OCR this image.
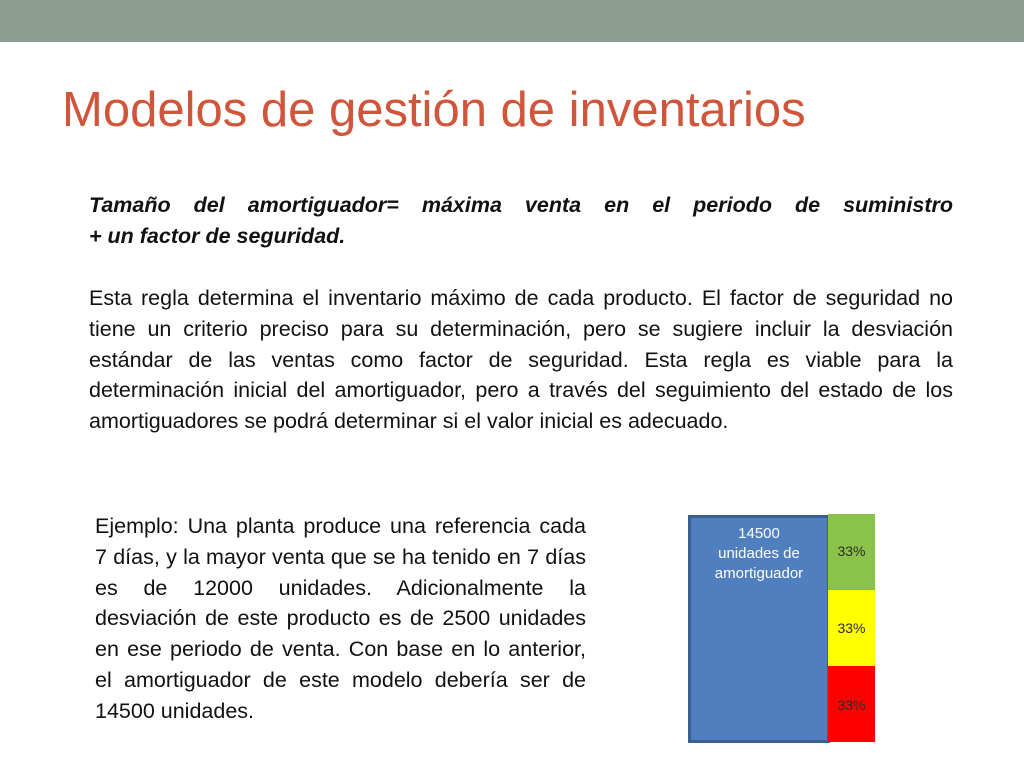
Modelos de gestión de inventarios

Tamaño del amortiguador= máxima venta en el periodo de suministro

+ un factor de seguridad.

Esta regla determina el inventario máximo de cada producto. El factor de seguridad no tiene un criterio preciso para su determinación, pero se sugiere incluir la desviación estándar de las ventas como factor de seguridad. Esta regla es viable para la determinación inicial del amortiguador, pero a través del seguimiento del estado de los amortiguadores se podrá determinar si el valor inicial es adecuado.

Ejemplo: Una planta produce una referencia cada 7 días, y la mayor venta que se ha tenido en 7 días es de 12000 unidades. Adicionalmente la desviación de este producto es de 2500 unidades en ese periodo de venta. Con base en lo anterior, el amortiguador de este modelo debería ser de 14500 unidades.

14500
unidades de
amortiguador
33%
33%
33%
